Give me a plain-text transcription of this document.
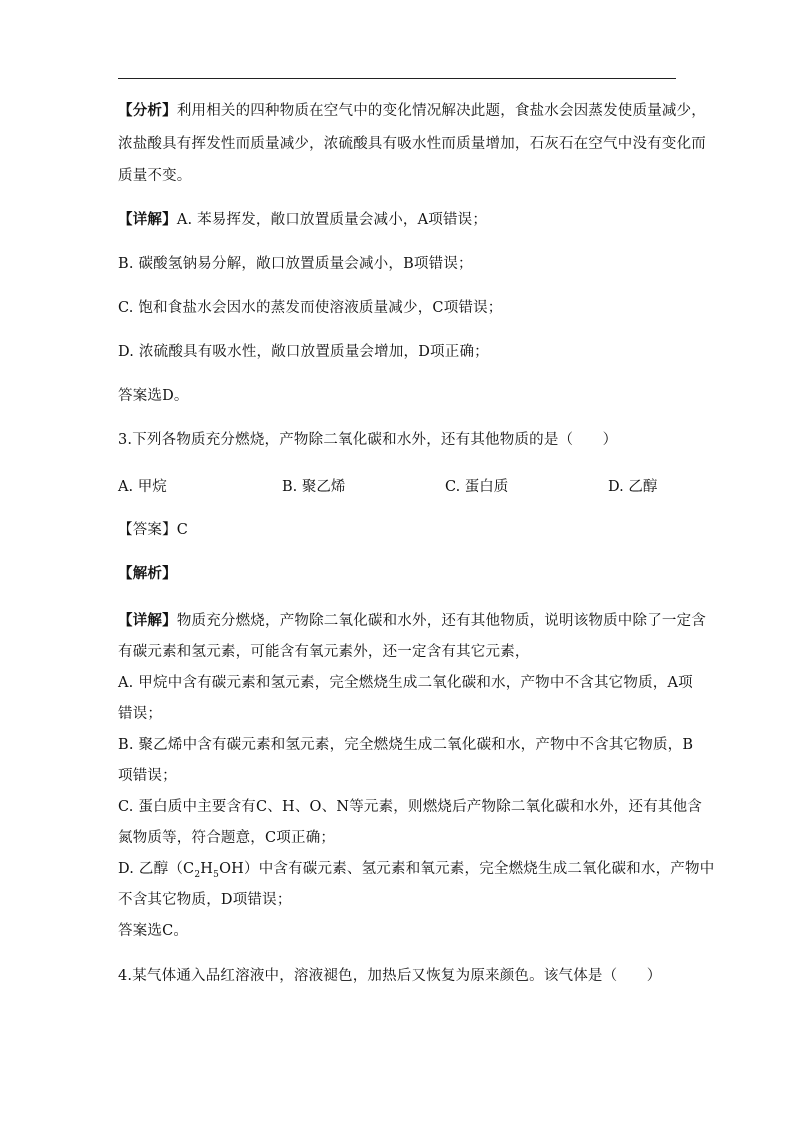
【分析】利用相关的四种物质在空气中的变化情况解决此题，食盐水会因蒸发使质量减少，
浓盐酸具有挥发性而质量减少，浓硫酸具有吸水性而质量增加，石灰石在空气中没有变化而
质量不变。
【详解】A. 苯易挥发，敞口放置质量会减小，A项错误；
B. 碳酸氢钠易分解，敞口放置质量会减小，B项错误；
C. 饱和食盐水会因水的蒸发而使溶液质量减少，C项错误；
D. 浓硫酸具有吸水性，敞口放置质量会增加，D项正确；
答案选D。
3.下列各物质充分燃烧，产物除二氧化碳和水外，还有其他物质的是（　　）
A. 甲烷	B. 聚乙烯	C. 蛋白质	D. 乙醇
【答案】C
【解析】
【详解】物质充分燃烧，产物除二氧化碳和水外，还有其他物质，说明该物质中除了一定含
有碳元素和氢元素，可能含有氧元素外，还一定含有其它元素，
A. 甲烷中含有碳元素和氢元素，完全燃烧生成二氧化碳和水，产物中不含其它物质，A项
错误；
B. 聚乙烯中含有碳元素和氢元素，完全燃烧生成二氧化碳和水，产物中不含其它物质，B
项错误；
C. 蛋白质中主要含有C、H、O、N等元素，则燃烧后产物除二氧化碳和水外，还有其他含
氮物质等，符合题意，C项正确；
D. 乙醇$(C_2H_5OH)$中含有碳元素、氢元素和氧元素，完全燃烧生成二氧化碳和水，产物中
不含其它物质，D项错误；
答案选C。
4.某气体通入品红溶液中，溶液褪色，加热后又恢复为原来颜色。该气体是（　　）
